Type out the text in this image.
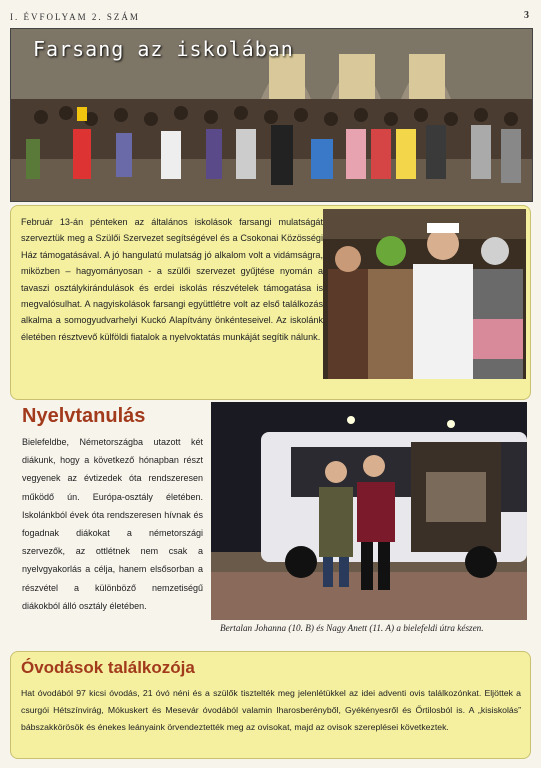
I. ÉVFOLYAM 2. SZÁM	3
Farsang az iskolában
Február 13-án pénteken az általános iskolások farsangi mulatságát szerveztük meg a Szülői Szervezet segítségével és a Csokonai Közösségi Ház támogatásával. A jó hangulatú mulatság jó alkalom volt a vidámságra, miközben – hagyományosan - a szülői szervezet gyűjtése nyomán a tavaszi osztálykirándulások és erdei iskolás részvételek támogatása is megvalósulhat. A nagyiskolások farsangi együttlétre volt az első találkozás alkalma a somogyudvarhelyi Kuckó Alapítvány önkénteseivel. Az iskolánk életében résztvevő külföldi fiatalok a nyelvoktatás munkáját segítik nálunk.
Nyelvtanulás
Bielefeldbe, Németországba utazott két diákunk, hogy a következő hónapban részt vegyenek az évtizedek óta rendszeresen működő ún. Európa-osztály életében. Iskolánkból évek óta rendszeresen hívnak és fogadnak diákokat a németországi szervezők, az ottlétnek nem csak a nyelvgyakorlás a célja, hanem elsősorban a részvétel a különböző nemzetiségű diákokból álló osztály életében.
Bertalan Johanna (10. B) és Nagy Anett (11. A) a bielefeldi útra készen.
Óvodások találkozója
Hat óvodából 97 kicsi óvodás, 21 óvó néni és a szülők tisztelték meg jelenlétükkel az idei adventi ovis találkozónkat. Eljöttek a csurgói Hétszínvirág, Mókuskert és Mesevár óvodából valamin Iharosberényből, Gyékényesről és Őrtilosból is. A „kisiskolás” bábszakkörösök és énekes leányaink örvendeztették meg az ovisokat, majd az ovisok szereplései következtek.
